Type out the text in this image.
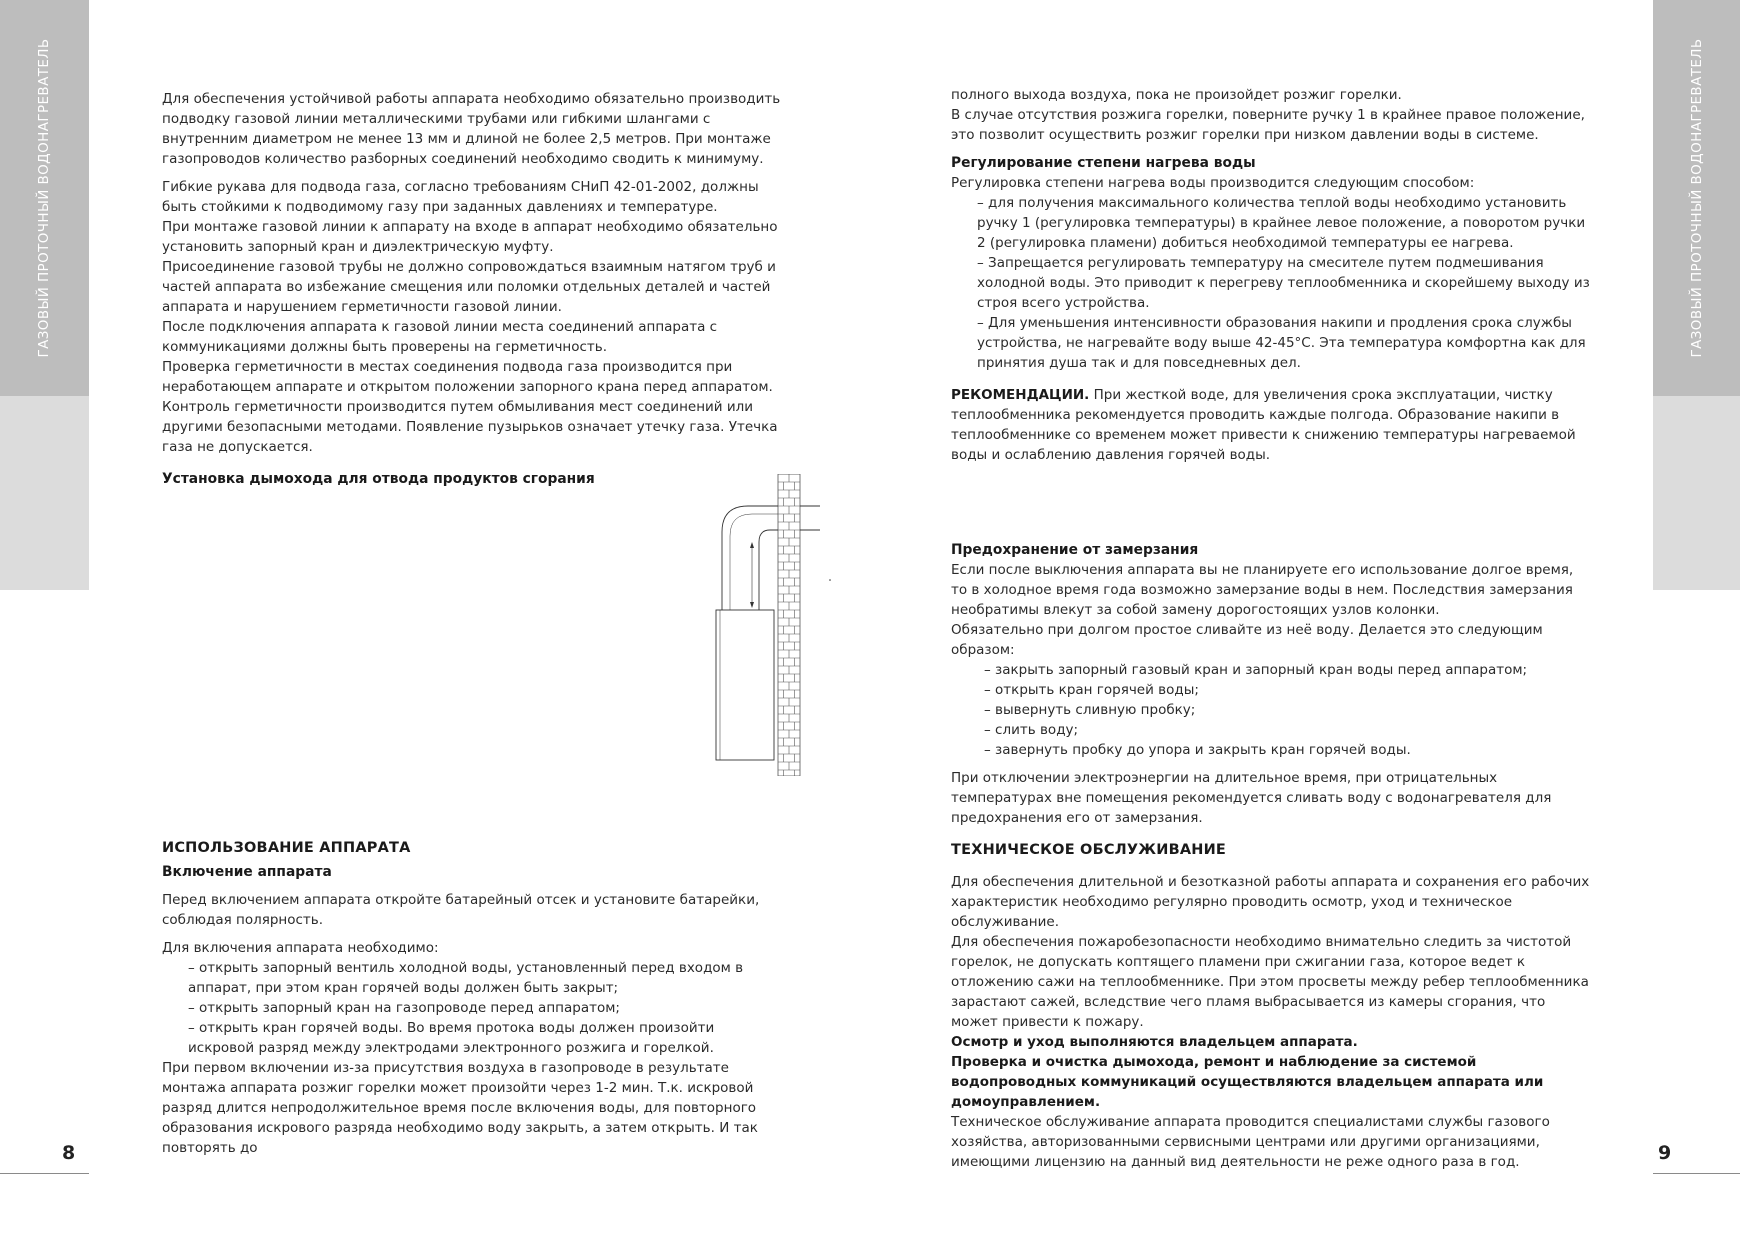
ГАЗОВЫЙ ПРОТОЧНЫЙ ВОДОНАГРЕВАТЕЛЬ	ГАЗОВЫЙ ПРОТОЧНЫЙ ВОДОНАГРЕВАТЕЛЬ
8	9

Для обеспечения устойчивой работы аппарата необходимо обязательно производить подводку газовой линии металлическими трубами или гибкими шлангами с внутренним диаметром не менее 13 мм и длиной не более 2,5 метров. При монтаже газопроводов количество разборных соединений необходимо сводить к минимуму.

Гибкие рукава для подвода газа, согласно требованиям СНиП 42-01-2002, должны быть стойкими к подводимому газу при заданных давлениях и температуре.

При монтаже газовой линии к аппарату на входе в аппарат необходимо обязательно установить запорный кран и диэлектрическую муфту.

Присоединение газовой трубы не должно сопровождаться взаимным натягом труб и частей аппарата во избежание смещения или поломки отдельных деталей и частей аппарата и нарушением герметичности газовой линии.

После подключения аппарата к газовой линии места соединений аппарата с коммуникациями должны быть проверены на герметичность.

Проверка герметичности в местах соединения подвода газа производится при неработающем аппарате и открытом положении запорного крана перед аппаратом. Контроль герметичности производится путем обмыливания мест соединений или другими безопасными методами. Появление пузырьков означает утечку газа. Утечка газа не допускается.

Установка дымохода для отвода продуктов сгорания
ИСПОЛЬЗОВАНИЕ АППАРАТА
Включение аппарата

Перед включением аппарата откройте батарейный отсек и установите батарейки, соблюдая полярность.

Для включения аппарата необходимо:

– открыть запорный вентиль холодной воды, установленный перед входом в аппарат, при этом кран горячей воды должен быть закрыт;

– открыть запорный кран на газопроводе перед аппаратом;

– открыть кран горячей воды. Во время протока воды должен произойти искровой разряд между электродами электронного розжига и горелкой.

При первом включении из-за присутствия воздуха в газопроводе в результате монтажа аппарата розжиг горелки может произойти через 1-2 мин. Т.к. искровой разряд длится непродолжительное время после включения воды, для повторного образования искрового разряда необходимо воду закрыть, а затем открыть. И так повторять до

полного выхода воздуха, пока не произойдет розжиг горелки.

В случае отсутствия розжига горелки, поверните ручку 1 в крайнее правое положение, это позволит осуществить розжиг горелки при низком давлении воды в системе.

Регулирование степени нагрева воды

Регулировка степени нагрева воды производится следующим способом:

– для получения максимального количества теплой воды необходимо установить ручку 1 (регулировка температуры) в крайнее левое положение, а поворотом ручки 2 (регулировка пламени) добиться необходимой температуры ее нагрева.

– Запрещается регулировать температуру на смесителе путем подмешивания холодной воды. Это приводит к перегреву теплообменника и скорейшему выходу из строя всего устройства.

– Для уменьшения интенсивности образования накипи и продления срока службы устройства, не нагревайте воду выше 42-45°С. Эта температура комфортна как для принятия душа так и для повседневных дел.

РЕКОМЕНДАЦИИ. При жесткой воде, для увеличения срока эксплуатации, чистку теплообменника рекомендуется проводить каждые полгода. Образование накипи в теплообменнике со временем может привести к снижению температуры нагреваемой воды и ослаблению давления горячей воды.

Предохранение от замерзания

Если после выключения аппарата вы не планируете его использование долгое время, то в холодное время года возможно замерзание воды в нем. Последствия замерзания необратимы влекут за собой замену дорогостоящих узлов колонки.

Обязательно при долгом простое сливайте из неё воду. Делается это следующим образом:

– закрыть запорный газовый кран и запорный кран воды перед аппаратом;

– открыть кран горячей воды;

– вывернуть сливную пробку;

– слить воду;

– завернуть пробку до упора и закрыть кран горячей воды.

При отключении электроэнергии на длительное время, при отрицательных температурах вне помещения рекомендуется сливать воду с водонагревателя для предохранения его от замерзания.

ТЕХНИЧЕСКОЕ ОБСЛУЖИВАНИЕ

Для обеспечения длительной и безотказной работы аппарата и сохранения его рабочих характеристик необходимо регулярно проводить осмотр, уход и техническое обслуживание.

Для обеспечения пожаробезопасности необходимо внимательно следить за чистотой горелок, не допускать коптящего пламени при сжигании газа, которое ведет к отложению сажи на теплообменнике. При этом просветы между ребер теплообменника зарастают сажей, вследствие чего пламя выбрасывается из камеры сгорания, что может привести к пожару.

Осмотр и уход выполняются владельцем аппарата.

Проверка и очистка дымохода, ремонт и наблюдение за системой водопроводных коммуникаций осуществляются владельцем аппарата или домоуправлением.

Техническое обслуживание аппарата проводится специалистами службы газового хозяйства, авторизованными сервисными центрами или другими организациями, имеющими лицензию на данный вид деятельности не реже одного раза в год.
